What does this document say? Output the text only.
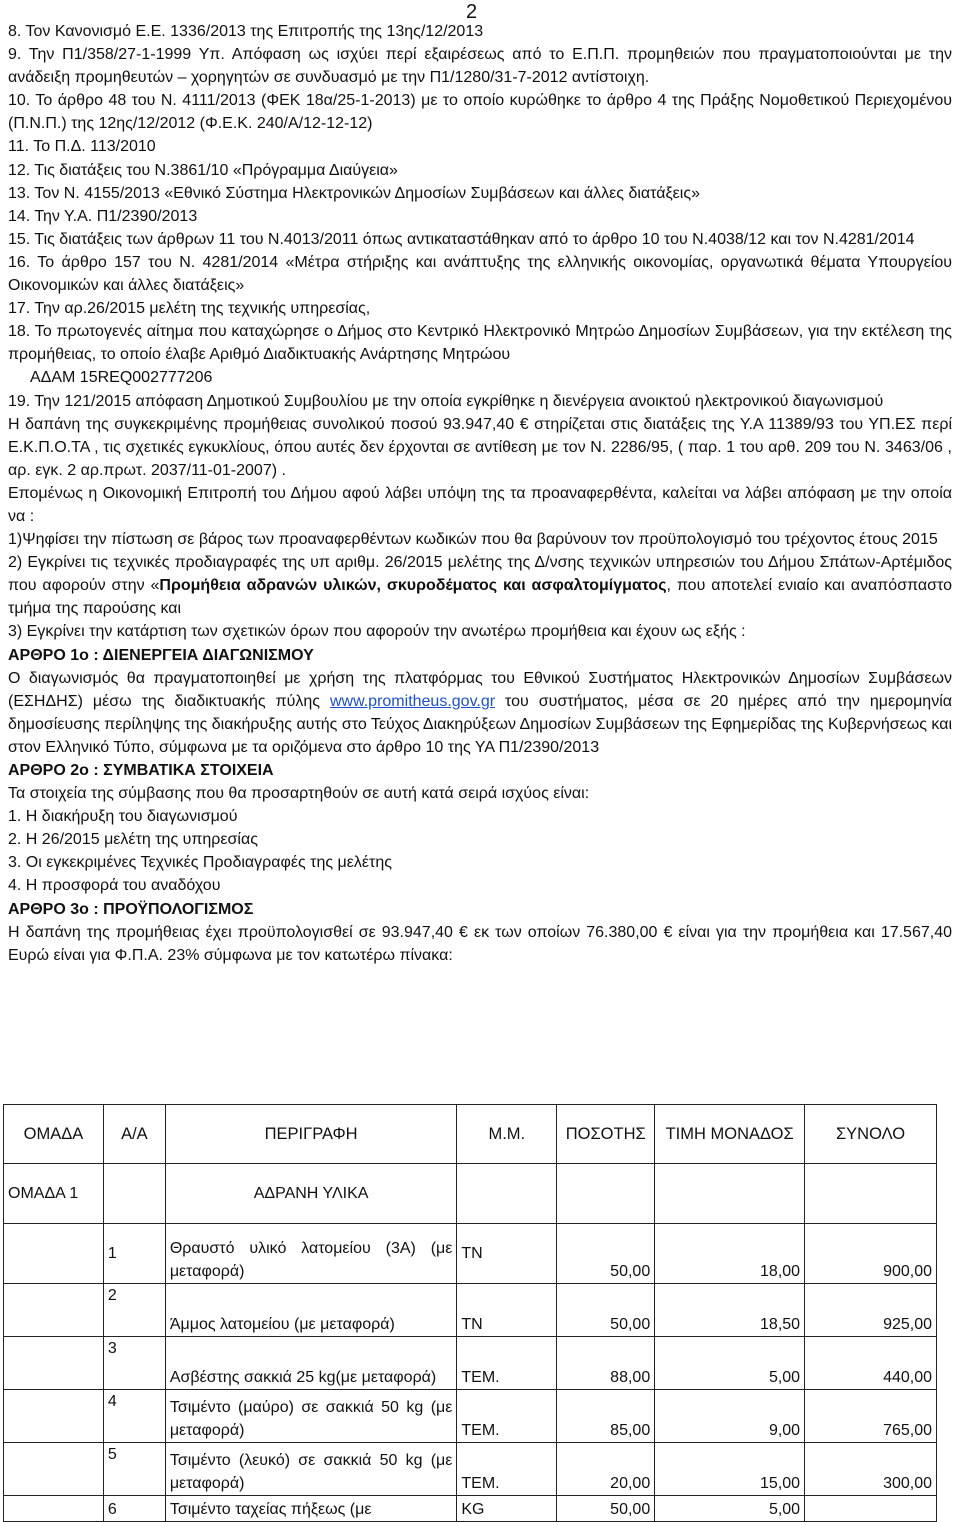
2

8. Τον Κανονισμό Ε.Ε. 1336/2013 της Επιτροπής της 13ης/12/2013

9. Την Π1/358/27-1-1999 Υπ. Απόφαση ως ισχύει περί εξαιρέσεως από το Ε.Π.Π. προμηθειών που πραγματοποιούνται με την ανάδειξη προμηθευτών – χορηγητών σε συνδυασμό με την Π1/1280/31-7-2012 αντίστοιχη.

10. Το άρθρο 48 του Ν. 4111/2013 (ΦΕΚ 18α/25-1-2013) με το οποίο κυρώθηκε το άρθρο 4 της Πράξης Νομοθετικού Περιεχομένου (Π.Ν.Π.) της 12ης/12/2012 (Φ.Ε.Κ. 240/Α/12-12-12)

11. Το Π.Δ. 113/2010

12. Τις διατάξεις του Ν.3861/10 «Πρόγραμμα Διαύγεια»

13. Τον Ν. 4155/2013 «Εθνικό Σύστημα Ηλεκτρονικών Δημοσίων Συμβάσεων και άλλες διατάξεις»

14. Την Υ.Α. Π1/2390/2013

15. Τις διατάξεις των άρθρων 11 του Ν.4013/2011 όπως αντικαταστάθηκαν από το άρθρο 10 του Ν.4038/12 και τον Ν.4281/2014

16. Το άρθρο 157 του Ν. 4281/2014 «Μέτρα στήριξης και ανάπτυξης της ελληνικής οικονομίας, οργανωτικά θέματα Υπουργείου Οικονομικών και άλλες διατάξεις»

17. Την αρ.26/2015 μελέτη της τεχνικής υπηρεσίας,

18. Το πρωτογενές αίτημα που καταχώρησε ο Δήμος στο Κεντρικό Ηλεκτρονικό Μητρώο Δημοσίων Συμβάσεων, για την εκτέλεση της προμήθειας, το οποίο έλαβε Αριθμό Διαδικτυακής Ανάρτησης Μητρώου

ΑΔΑΜ 15REQ002777206

19. Την 121/2015 απόφαση Δημοτικού Συμβουλίου με την οποία εγκρίθηκε η διενέργεια ανοικτού ηλεκτρονικού διαγωνισμού

Η δαπάνη της συγκεκριμένης προμήθειας συνολικού ποσού 93.947,40 € στηρίζεται στις διατάξεις της Υ.Α 11389/93 του ΥΠ.ΕΣ περί Ε.Κ.Π.Ο.ΤΑ , τις σχετικές εγκυκλίους, όπου αυτές δεν έρχονται σε αντίθεση με τον Ν. 2286/95, ( παρ. 1 του αρθ. 209 του Ν. 3463/06 , αρ. εγκ. 2 αρ.πρωτ. 2037/11-01-2007) .

Επομένως η Οικονομική Επιτροπή του Δήμου αφού λάβει υπόψη της τα προαναφερθέντα, καλείται να λάβει απόφαση με την οποία να :

1)Ψηφίσει την πίστωση σε βάρος των προαναφερθέντων κωδικών που θα βαρύνουν τον προϋπολογισμό του τρέχοντος έτους 2015

2) Εγκρίνει τις τεχνικές προδιαγραφές της υπ αριθμ. 26/2015 μελέτης της Δ/νσης τεχνικών υπηρεσιών του Δήμου Σπάτων-Αρτέμιδος που αφορούν στην «Προμήθεια αδρανών υλικών, σκυροδέματος και ασφαλτομίγματος, που αποτελεί ενιαίο και αναπόσπαστο τμήμα της παρούσης και

3) Εγκρίνει την κατάρτιση των σχετικών όρων που αφορούν την ανωτέρω προμήθεια και έχουν ως εξής :

ΑΡΘΡΟ 1ο : ΔΙΕΝΕΡΓΕΙΑ ΔΙΑΓΩΝΙΣΜΟΥ

Ο διαγωνισμός θα πραγματοποιηθεί με χρήση της πλατφόρμας του Εθνικού Συστήματος Ηλεκτρονικών Δημοσίων Συμβάσεων (ΕΣΗΔΗΣ) μέσω της διαδικτυακής πύλης www.promitheus.gov.gr του συστήματος, μέσα σε 20 ημέρες από την ημερομηνία δημοσίευσης περίληψης της διακήρυξης αυτής στο Τεύχος Διακηρύξεων Δημοσίων Συμβάσεων της Εφημερίδας της Κυβερνήσεως και στον Ελληνικό Τύπο, σύμφωνα με τα οριζόμενα στο άρθρο 10 της ΥΑ Π1/2390/2013

ΑΡΘΡΟ 2ο : ΣΥΜΒΑΤΙΚΑ ΣΤΟΙΧΕΙΑ

Τα στοιχεία της σύμβασης που θα προσαρτηθούν σε αυτή κατά σειρά ισχύος είναι:

1. Η διακήρυξη του διαγωνισμού

2. Η 26/2015 μελέτη της υπηρεσίας

3. Οι εγκεκριμένες Τεχνικές Προδιαγραφές της μελέτης

4. Η προσφορά του αναδόχου

ΑΡΘΡΟ 3ο : ΠΡΟΫΠΟΛΟΓΙΣΜΟΣ

Η δαπάνη της προμήθειας έχει προϋπολογισθεί σε 93.947,40 € εκ των οποίων 76.380,00 € είναι για την προμήθεια και 17.567,40 Ευρώ είναι για Φ.Π.Α. 23% σύμφωνα με τον κατωτέρω πίνακα:

ΟΜΑΔΑ	Α/Α	ΠΕΡΙΓΡΑΦΗ	Μ.Μ.	ΠΟΣΟΤΗΣ	ΤΙΜΗ ΜΟΝΑΔΟΣ	ΣΥΝΟΛΟ
ΟΜΑΔΑ 1		ΑΔΡΑΝΗ ΥΛΙΚΑ				
	1	Θραυστό υλικό λατομείου (3Α) (με μεταφορά)	ΤΝ	50,00	18,00	900,00
	2	Άμμος λατομείου (με μεταφορά)	ΤΝ	50,00	18,50	925,00
	3	Ασβέστης σακκιά 25 kg(με μεταφορά)	ΤΕΜ.	88,00	5,00	440,00
	4	Τσιμέντο (μαύρο) σε σακκιά 50 kg (με μεταφορά)	ΤΕΜ.	85,00	9,00	765,00
	5	Τσιμέντο (λευκό) σε σακκιά 50 kg (με μεταφορά)	ΤΕΜ.	20,00	15,00	300,00
	6	Τσιμέντο ταχείας πήξεως (με	KG	50,00	5,00	
